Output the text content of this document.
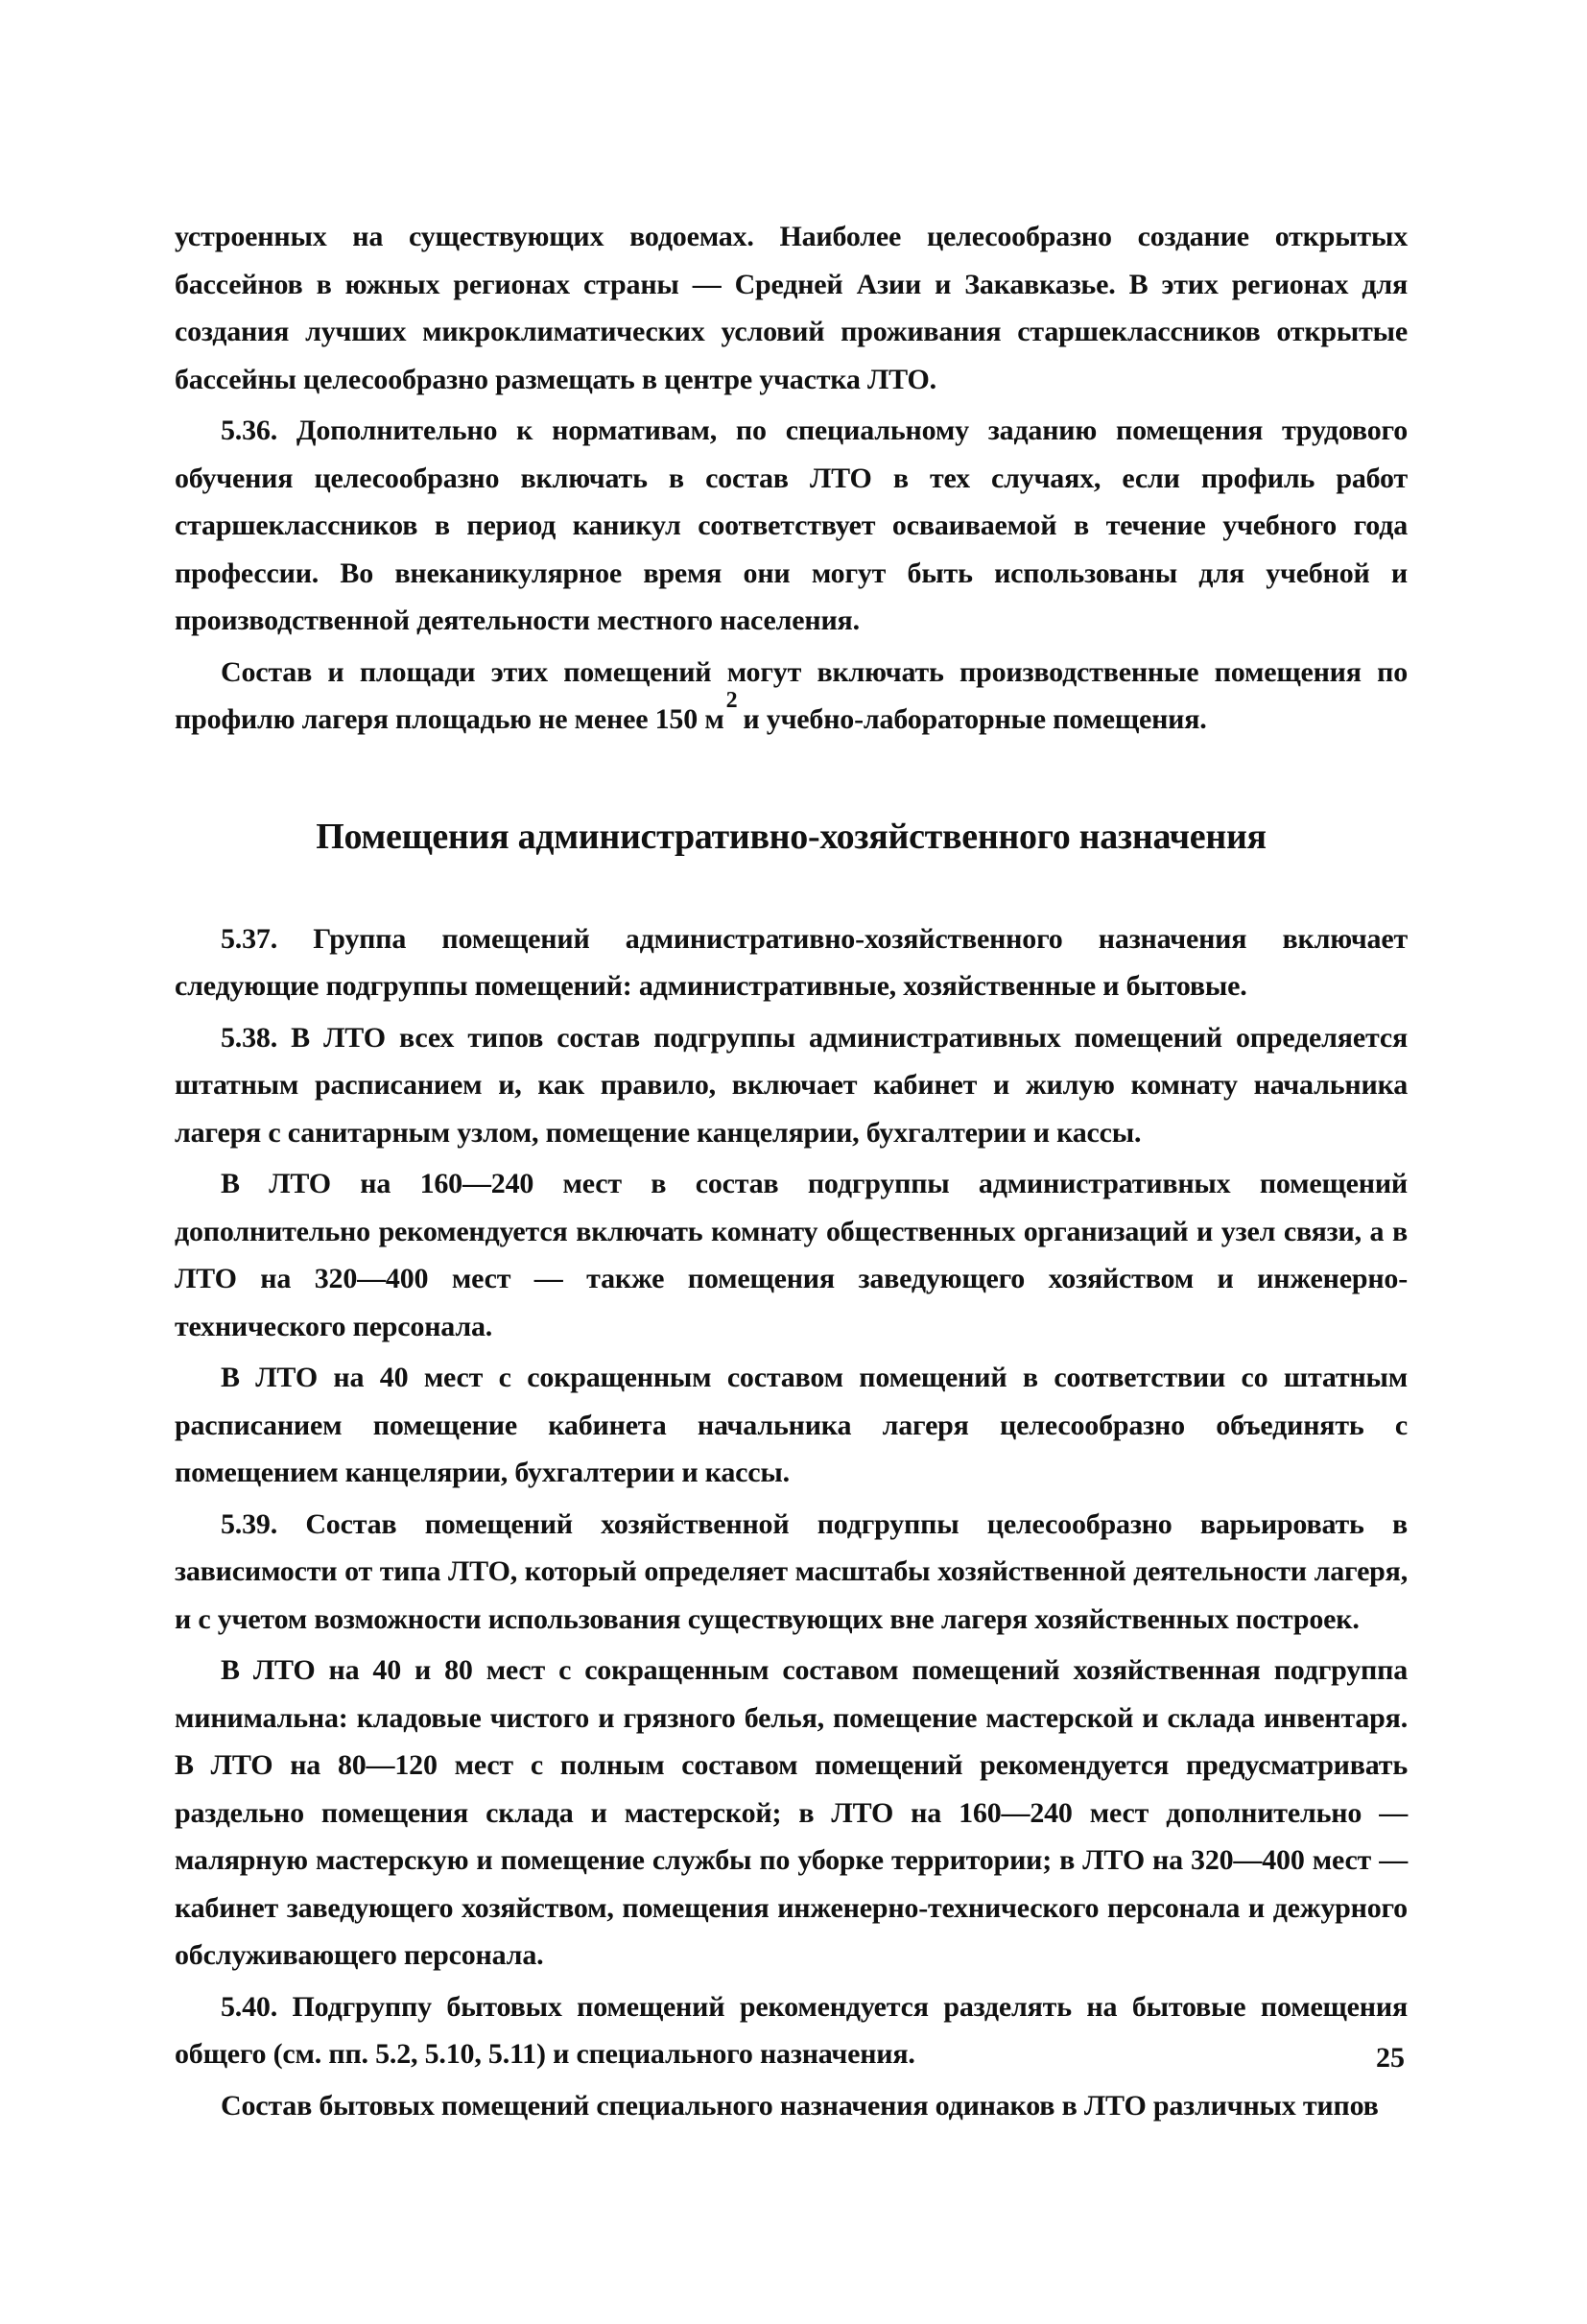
устроенных на существующих водоемах. Наиболее целесообразно создание открытых бассейнов в южных регионах страны — Средней Азии и Закавказье. В этих регионах для создания лучших микроклиматических условий проживания старшеклассников открытые бассейны целесообразно размещать в центре участка ЛТО.

5.36. Дополнительно к нормативам, по специальному заданию помещения трудового обучения целесообразно включать в состав ЛТО в тех случаях, если профиль работ старшеклассников в период каникул соответствует осваиваемой в течение учебного года профессии. Во внеканикулярное время они могут быть использованы для учебной и производственной деятельности местного населения.

Состав и площади этих помещений могут включать производственные помещения по профилю лагеря площадью не менее 150 $м^2и$ учебно-лабораторные помещения.

Помещения административно-хозяйственного назначения

5.37. Группа помещений административно-хозяйственного назначения включает следующие подгруппы помещений: административные, хозяйственные и бытовые.

5.38. В ЛТО всех типов состав подгруппы административных помещений определяется штатным расписанием и, как правило, включает кабинет и жилую комнату начальника лагеря с санитарным узлом, помещение канцелярии, бухгалтерии и кассы.

В ЛТО на 160—240 мест в состав подгруппы административных помещений дополнительно рекомендуется включать комнату общественных организаций и узел связи, а в ЛТО на 320—400 мест — также помещения заведующего хозяйством и инженерно-технического персонала.

В ЛТО на 40 мест с сокращенным составом помещений в соответствии со штатным расписанием помещение кабинета начальника лагеря целесообразно объединять с помещением канцелярии, бухгалтерии и кассы.

5.39. Состав помещений хозяйственной подгруппы целесообразно варьировать в зависимости от типа ЛТО, который определяет масштабы хозяйственной деятельности лагеря, и с учетом возможности использования существующих вне лагеря хозяйственных построек.

В ЛТО на 40 и 80 мест с сокращенным составом помещений хозяйственная подгруппа минимальна: кладовые чистого и грязного белья, помещение мастерской и склада инвентаря. В ЛТО на 80—120 мест с полным составом помещений рекомендуется предусматривать раздельно помещения склада и мастерской; в ЛТО на 160—240 мест дополнительно — малярную мастерскую и помещение службы по уборке территории; в ЛТО на 320—400 мест — кабинет заведующего хозяйством, помещения инженерно-технического персонала и дежурного обслуживающего персонала.

5.40. Подгруппу бытовых помещений рекомендуется разделять на бытовые помещения общего (см. пп. 5.2, 5.10, 5.11) и специального назначения.

Состав бытовых помещений специального назначения одинаков в ЛТО различных типов

25
